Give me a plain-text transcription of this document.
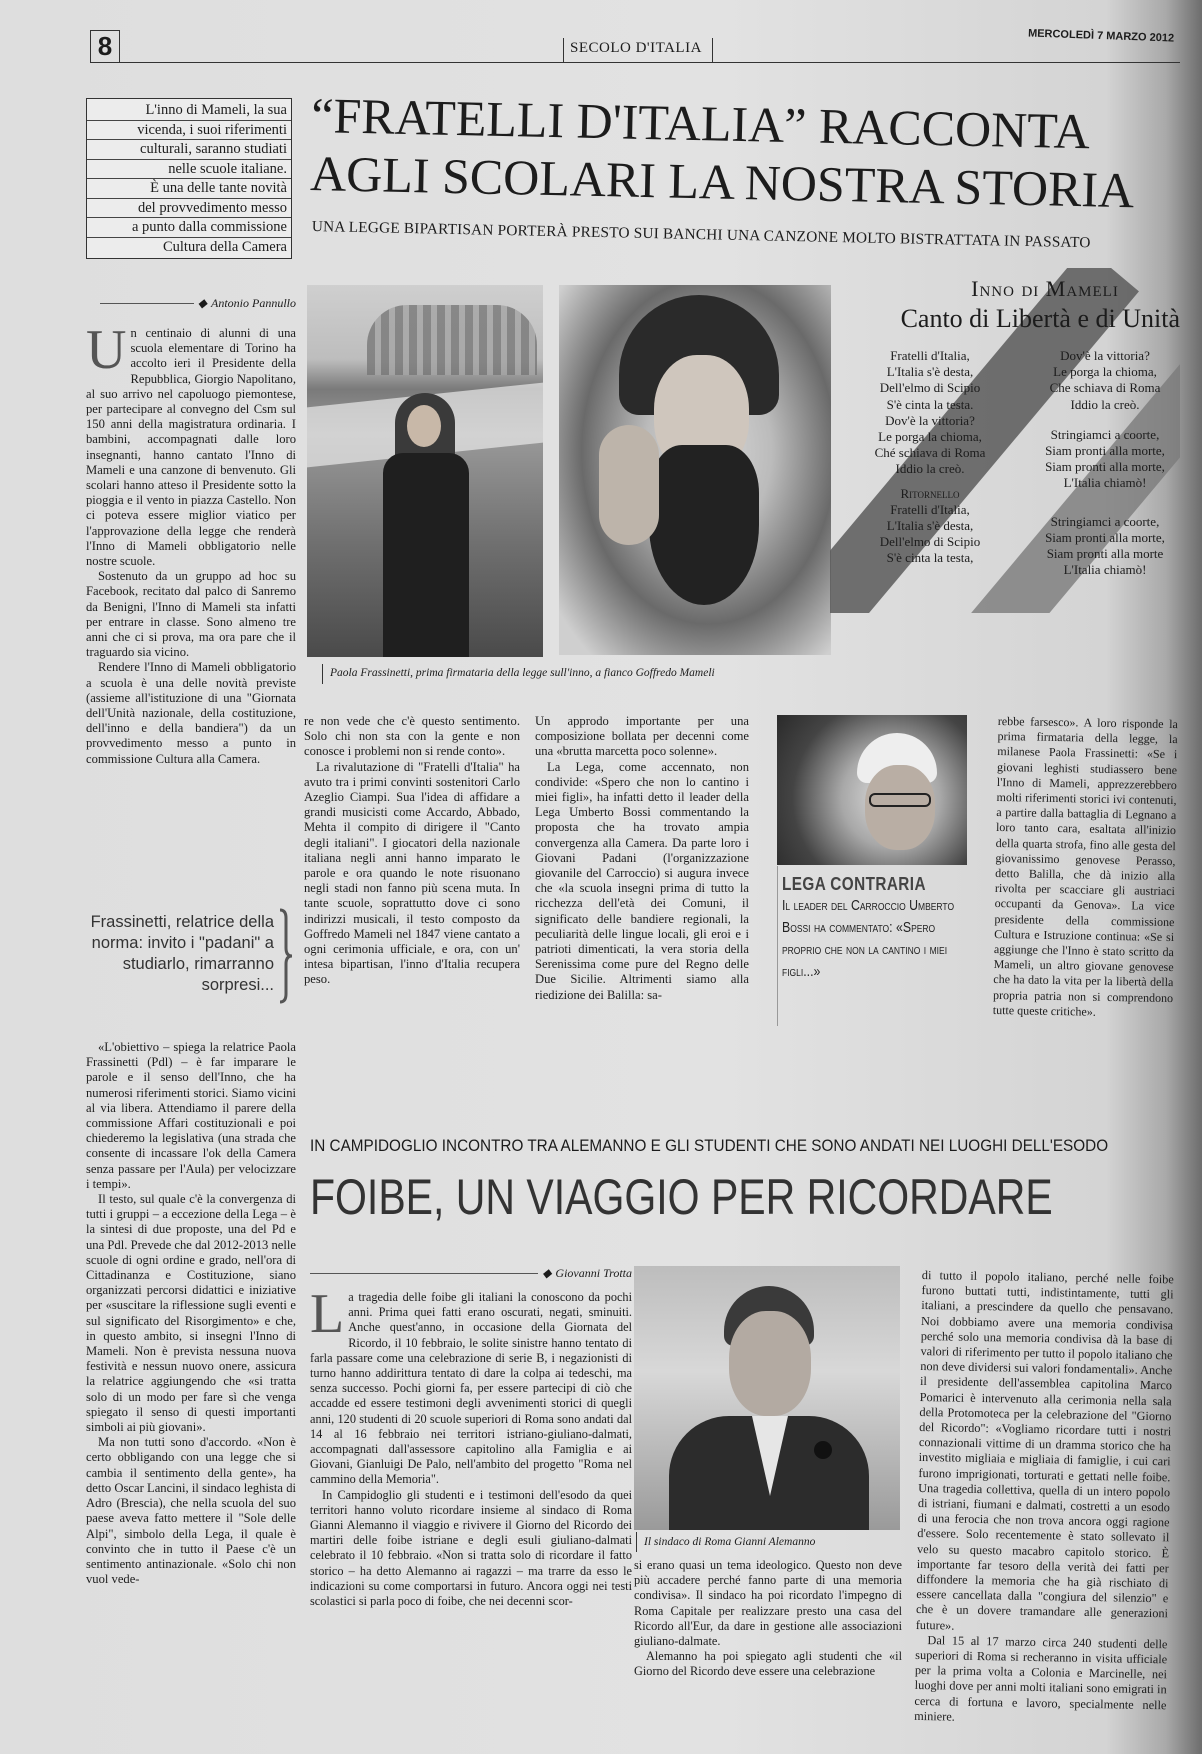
8	SECOLO D'ITALIA
MERCOLEDÌ 7 MARZO 2012
L'inno di Mameli, la sua
vicenda, i suoi riferimenti
culturali, saranno studiati
nelle scuole italiane.
È una delle tante novità
del provvedimento messo
a punto dalla commissione
Cultura della Camera
“FRATELLI D'ITALIA” RACCONTA
AGLI SCOLARI LA NOSTRA STORIA
UNA LEGGE BIPARTISAN PORTERÀ PRESTO SUI BANCHI UNA CANZONE MOLTO BISTRATTATA IN PASSATO
◆ Antonio Pannullo

Un centinaio di alunni di una scuola elementare di Torino ha accolto ieri il Presidente della Repubblica, Giorgio Napolitano, al suo arrivo nel capoluogo piemontese, per partecipare al convegno del Csm sul 150 anni della magistratura ordinaria. I bambini, accompagnati dalle loro insegnanti, hanno cantato l'Inno di Mameli e una canzone di benvenuto. Gli scolari hanno atteso il Presidente sotto la pioggia e il vento in piazza Castello. Non ci poteva essere miglior viatico per l'approvazione della legge che renderà l'Inno di Mameli obbligatorio nelle nostre scuole.

Sostenuto da un gruppo ad hoc su Facebook, recitato dal palco di Sanremo da Benigni, l'Inno di Mameli sta infatti per entrare in classe. Sono almeno tre anni che ci si prova, ma ora pare che il traguardo sia vicino.

Rendere l'Inno di Mameli obbligatorio a scuola è una delle novità previste (assieme all'istituzione di una "Giornata dell'Unità nazionale, della costituzione, dell'inno e della bandiera") da un provvedimento messo a punto in commissione Cultura alla Camera.

Frassinetti, relatrice della norma: invito i "padani" a studiarlo, rimarranno sorpresi...

«L'obiettivo – spiega la relatrice Paola Frassinetti (Pdl) – è far imparare le parole e il senso dell'Inno, che ha numerosi riferimenti storici. Siamo vicini al via libera. Attendiamo il parere della commissione Affari costituzionali e poi chiederemo la legislativa (una strada che consente di incassare l'ok della Camera senza passare per l'Aula) per velocizzare i tempi».

Il testo, sul quale c'è la convergenza di tutti i gruppi – a eccezione della Lega – è la sintesi di due proposte, una del Pd e una Pdl. Prevede che dal 2012-2013 nelle scuole di ogni ordine e grado, nell'ora di Cittadinanza e Costituzione, siano organizzati percorsi didattici e iniziative per «suscitare la riflessione sugli eventi e sul significato del Risorgimento» e che, in questo ambito, si insegni l'Inno di Mameli. Non è prevista nessuna nuova festività e nessun nuovo onere, assicura la relatrice aggiungendo che «si tratta solo di un modo per fare sì che venga spiegato il senso di questi importanti simboli ai più giovani».

Ma non tutti sono d'accordo. «Non è certo obbligando con una legge che si cambia il sentimento della gente», ha detto Oscar Lancini, il sindaco leghista di Adro (Brescia), che nella scuola del suo paese aveva fatto mettere il "Sole delle Alpi", simbolo della Lega, il quale è convinto che in tutto il Paese c'è un sentimento antinazionale. «Solo chi non vuol vede-

Inno di Mameli
Canto di Libertà e di Unità
Fratelli d'Italia,
L'Italia s'è desta,
Dell'elmo di Scipio
S'è cinta la testa.
Dov'è la vittoria?
Le porga la chioma,
Ché schiava di Roma
Iddio la creò.
Ritornello
Fratelli d'Italia,
L'Italia s'è desta,
Dell'elmo di Scipio
S'è cinta la testa,
Dov'è la vittoria?
Le porga la chioma,
Che schiava di Roma
Iddio la creò.
Stringiamci a coorte,
Siam pronti alla morte,
Siam pronti alla morte,
L'Italia chiamò!
Stringiamci a coorte,
Siam pronti alla morte,
Siam pronti alla morte
L'Italia chiamò!
Paola Frassinetti, prima firmataria della legge sull'inno, a fianco Goffredo Mameli

re non vede che c'è questo sentimento. Solo chi non sta con la gente e non conosce i problemi non si rende conto».

La rivalutazione di "Fratelli d'Italia" ha avuto tra i primi convinti sostenitori Carlo Azeglio Ciampi. Sua l'idea di affidare a grandi musicisti come Accardo, Abbado, Mehta il compito di dirigere il "Canto degli italiani". I giocatori della nazionale italiana negli anni hanno imparato le parole e ora quando le note risuonano negli stadi non fanno più scena muta. In tante scuole, soprattutto dove ci sono indirizzi musicali, il testo composto da Goffredo Mameli nel 1847 viene cantato a ogni cerimonia ufficiale, e ora, con un' intesa bipartisan, l'inno d'Italia recupera peso.

Un approdo importante per una composizione bollata per decenni come una «brutta marcetta poco solenne».

La Lega, come accennato, non condivide: «Spero che non lo cantino i miei figli», ha infatti detto il leader della Lega Umberto Bossi commentando la proposta che ha trovato ampia convergenza alla Camera. Da parte loro i Giovani Padani (l'organizzazione giovanile del Carroccio) si augura invece che «la scuola insegni prima di tutto la ricchezza dell'età dei Comuni, il significato delle bandiere regionali, la peculiarità delle lingue locali, gli eroi e i patrioti dimenticati, la vera storia della Serenissima come pure del Regno delle Due Sicilie. Altrimenti siamo alla riedizione dei Balilla: sa-

LEGA CONTRARIA
Il leader del Carroccio Umberto Bossi ha commentato: «Spero proprio che non la cantino i miei figli...»

rebbe farsesco». A loro risponde la prima firmataria della legge, la milanese Paola Frassinetti: «Se i giovani leghisti studiassero bene l'Inno di Mameli, apprezzerebbero molti riferimenti storici ivi contenuti, a partire dalla battaglia di Legnano a loro tanto cara, esaltata all'inizio della quarta strofa, fino alle gesta del giovanissimo genovese Perasso, detto Balilla, che dà inizio alla rivolta per scacciare gli austriaci occupanti da Genova». La vice presidente della commissione Cultura e Istruzione continua: «Se si aggiunge che l'Inno è stato scritto da Mameli, un altro giovane genovese che ha dato la vita per la libertà della propria patria non si comprendono tutte queste critiche».

IN CAMPIDOGLIO INCONTRO TRA ALEMANNO E GLI STUDENTI CHE SONO ANDATI NEI LUOGHI DELL'ESODO
FOIBE, UN VIAGGIO PER RICORDARE
◆ Giovanni Trotta

La tragedia delle foibe gli italiani la conoscono da pochi anni. Prima quei fatti erano oscurati, negati, sminuiti. Anche quest'anno, in occasione della Giornata del Ricordo, il 10 febbraio, le solite sinistre hanno tentato di farla passare come una celebrazione di serie B, i negazionisti di turno hanno addirittura tentato di dare la colpa ai tedeschi, ma senza successo. Pochi giorni fa, per essere partecipi di ciò che accadde ed essere testimoni degli avvenimenti storici di quegli anni, 120 studenti di 20 scuole superiori di Roma sono andati dal 14 al 16 febbraio nei territori istriano-giuliano-dalmati, accompagnati dall'assessore capitolino alla Famiglia e ai Giovani, Gianluigi De Palo, nell'ambito del progetto "Roma nel cammino della Memoria".

In Campidoglio gli studenti e i testimoni dell'esodo da quei territori hanno voluto ricordare insieme al sindaco di Roma Gianni Alemanno il viaggio e rivivere il Giorno del Ricordo dei martiri delle foibe istriane e degli esuli giuliano-dalmati celebrato il 10 febbraio. «Non si tratta solo di ricordare il fatto storico – ha detto Alemanno ai ragazzi – ma trarre da esso le indicazioni su come comportarsi in futuro. Ancora oggi nei testi scolastici si parla poco di foibe, che nei decenni scor-

Il sindaco di Roma Gianni Alemanno

si erano quasi un tema ideologico. Questo non deve più accadere perché fanno parte di una memoria condivisa». Il sindaco ha poi ricordato l'impegno di Roma Capitale per realizzare presto una casa del Ricordo all'Eur, da dare in gestione alle associazioni giuliano-dalmate.

Alemanno ha poi spiegato agli studenti che «il Giorno del Ricordo deve essere una celebrazione

di tutto il popolo italiano, perché nelle foibe furono buttati tutti, indistintamente, tutti gli italiani, a prescindere da quello che pensavano. Noi dobbiamo avere una memoria condivisa perché solo una memoria condivisa dà la base di valori di riferimento per tutto il popolo italiano che non deve dividersi sui valori fondamentali». Anche il presidente dell'assemblea capitolina Marco Pomarici è intervenuto alla cerimonia nella sala della Protomoteca per la celebrazione del "Giorno del Ricordo": «Vogliamo ricordare tutti i nostri connazionali vittime di un dramma storico che ha investito migliaia e migliaia di famiglie, i cui cari furono imprigionati, torturati e gettati nelle foibe. Una tragedia collettiva, quella di un intero popolo di istriani, fiumani e dalmati, costretti a un esodo di una ferocia che non trova ancora oggi ragione d'essere. Solo recentemente è stato sollevato il velo su questo macabro capitolo storico. È importante far tesoro della verità dei fatti per diffondere la memoria che ha già rischiato di essere cancellata dalla "congiura del silenzio" e che è un dovere tramandare alle generazioni future».

Dal 15 al 17 marzo circa 240 studenti delle superiori di Roma si recheranno in visita ufficiale per la prima volta a Colonia e Marcinelle, nei luoghi dove per anni molti italiani sono emigrati in cerca di fortuna e lavoro, specialmente nelle miniere.
